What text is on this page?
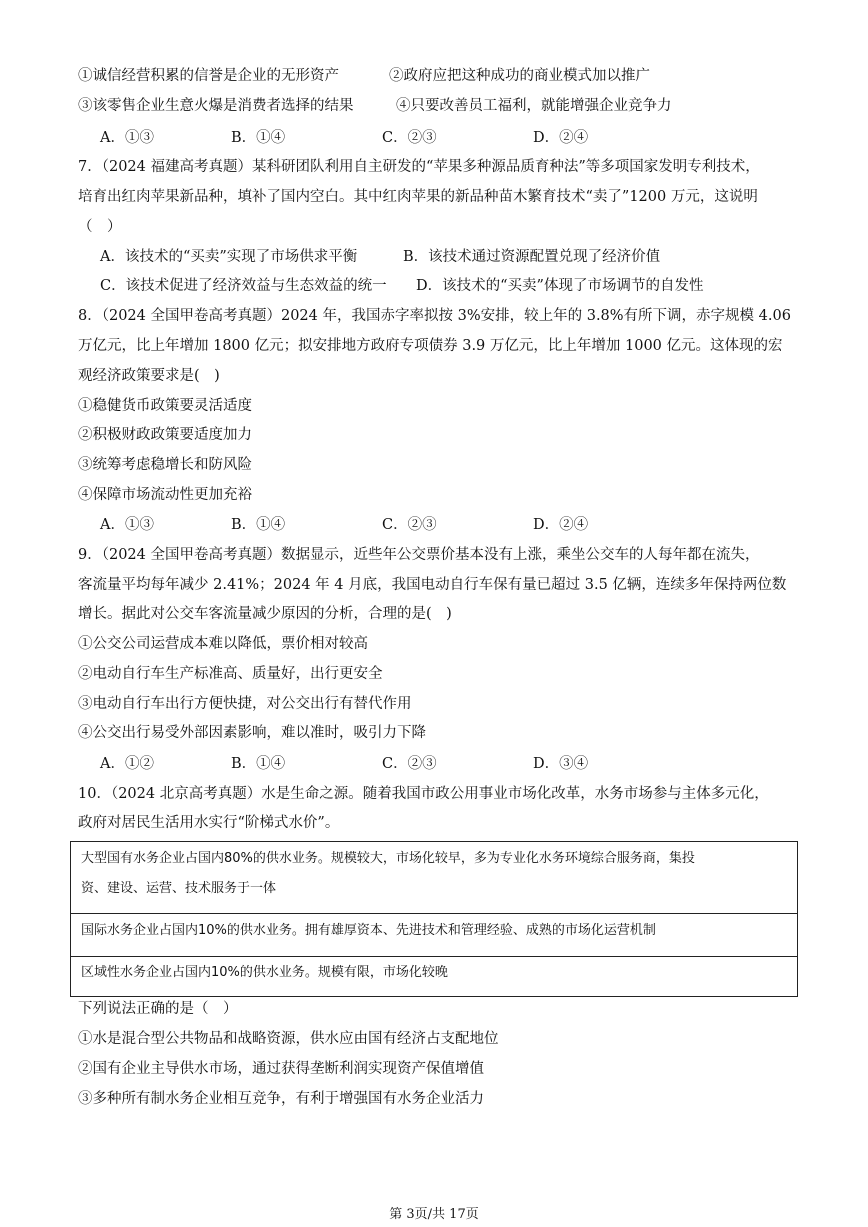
①诚信经营积累的信誉是企业的无形资产	②政府应把这种成功的商业模式加以推广
③该零售企业生意火爆是消费者选择的结果	④只要改善员工福利，就能增强企业竞争力
A．①③	B．①④	C．②③	D．②④
7．（2024 福建高考真题）某科研团队利用自主研发的“苹果多种源品质育种法”等多项国家发明专利技术，
培育出红肉苹果新品种，填补了国内空白。其中红肉苹果的新品种苗木繁育技术“卖了”1200 万元，这说明
（　）
A．该技术的“买卖”实现了市场供求平衡	B．该技术通过资源配置兑现了经济价值
C．该技术促进了经济效益与生态效益的统一 D．该技术的“买卖”体现了市场调节的自发性
8．（2024 全国甲卷高考真题）2024 年，我国赤字率拟按 3%安排，较上年的 3.8%有所下调，赤字规模 4.06
万亿元，比上年增加 1800 亿元；拟安排地方政府专项债券 3.9 万亿元，比上年增加 1000 亿元。这体现的宏
观经济政策要求是(　)
①稳健货币政策要灵活适度
②积极财政政策要适度加力
③统筹考虑稳增长和防风险
④保障市场流动性更加充裕
A．①③	B．①④	C．②③	D．②④
9．（2024 全国甲卷高考真题）数据显示，近些年公交票价基本没有上涨，乘坐公交车的人每年都在流失，
客流量平均每年减少 2.41%；2024 年 4 月底，我国电动自行车保有量已超过 3.5 亿辆，连续多年保持两位数
增长。据此对公交车客流量减少原因的分析，合理的是(　)
①公交公司运营成本难以降低，票价相对较高
②电动自行车生产标准高、质量好，出行更安全
③电动自行车出行方便快捷，对公交出行有替代作用
④公交出行易受外部因素影响，难以准时，吸引力下降
A．①②	B．①④	C．②③	D．③④
10．（2024 北京高考真题）水是生命之源。随着我国市政公用事业市场化改革，水务市场参与主体多元化，
政府对居民生活用水实行“阶梯式水价”。
大型国有水务企业占国内80%的供水业务。规模较大，市场化较早，多为专业化水务环境综合服务商，集投
资、建设、运营、技术服务于一体
国际水务企业占国内10%的供水业务。拥有雄厚资本、先进技术和管理经验、成熟的市场化运营机制
区域性水务企业占国内10%的供水业务。规模有限，市场化较晚
下列说法正确的是（　）
①水是混合型公共物品和战略资源，供水应由国有经济占支配地位
②国有企业主导供水市场，通过获得垄断利润实现资产保值增值
③多种所有制水务企业相互竞争，有利于增强国有水务企业活力
第 3页/共 17页
